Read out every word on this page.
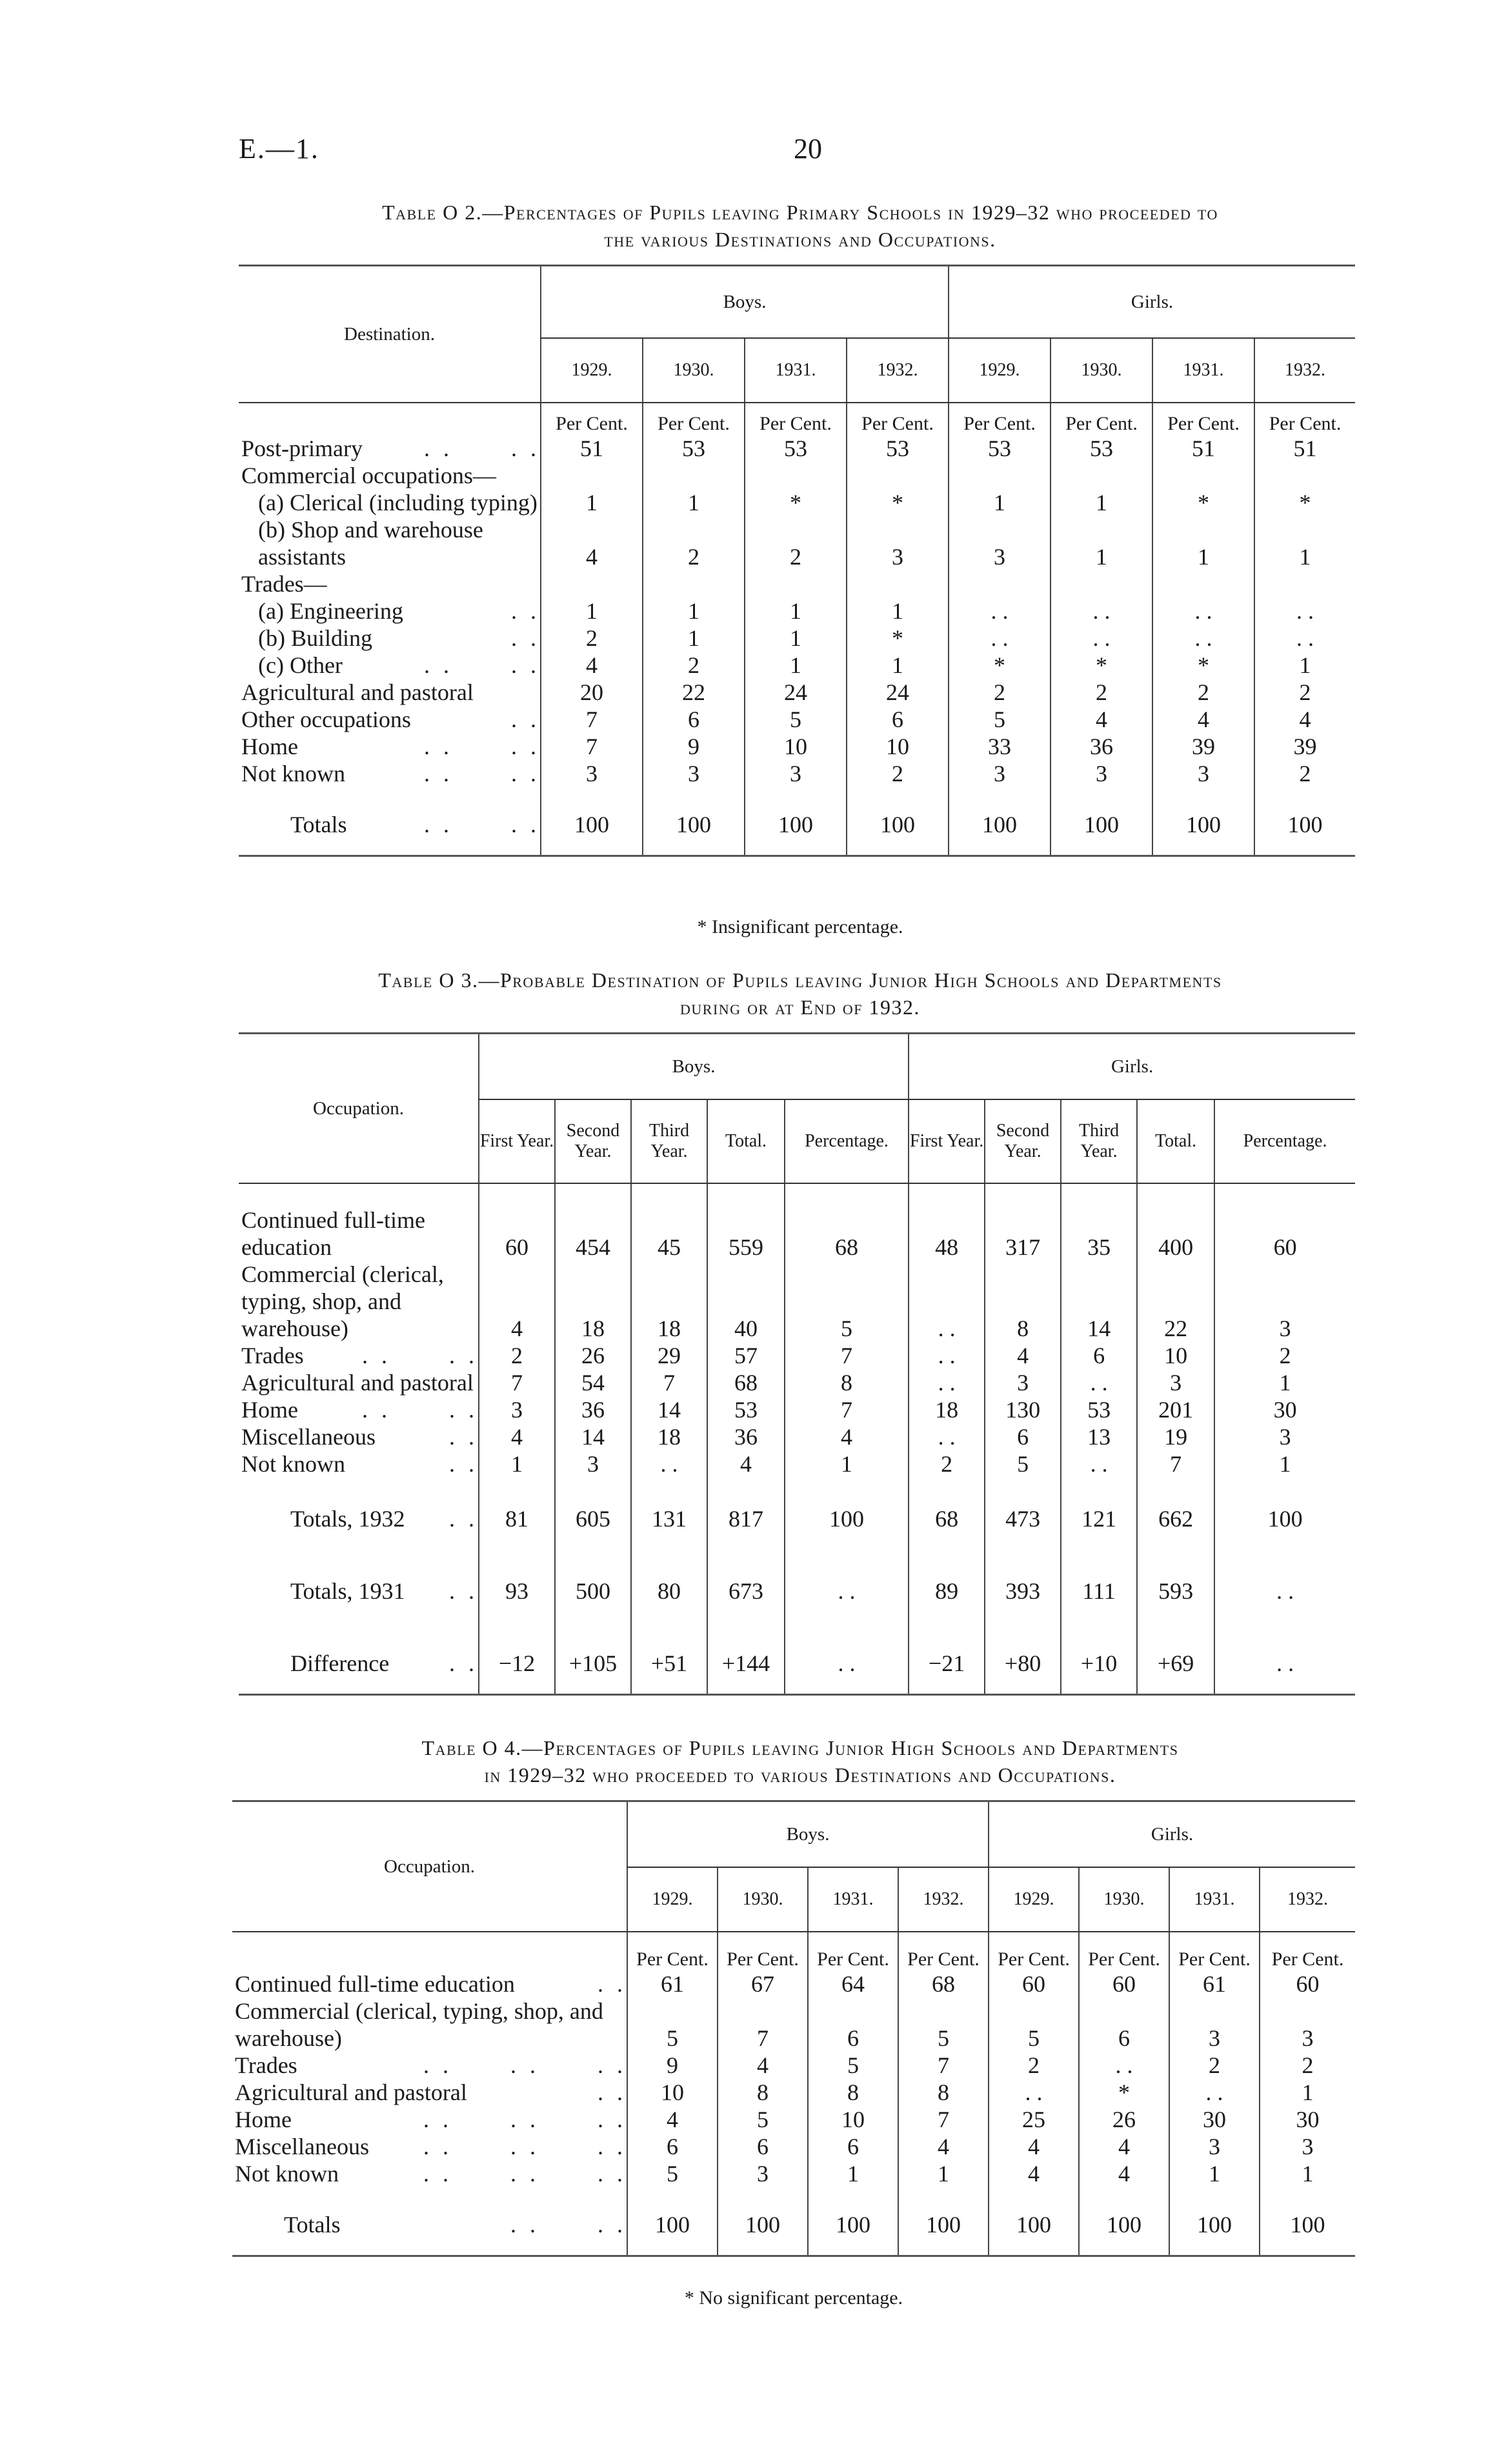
E.—1.	20
Table O 2.—Percentages of Pupils leaving Primary Schools in 1929–32 who proceeded to
the various Destinations and Occupations.
Destination.	Boys.				Girls.			
	1929.	1930.	1931.	1932.	1929.	1930.	1931.	1932.
	Per Cent.	Per Cent.	Per Cent.	Per Cent.	Per Cent.	Per Cent.	Per Cent.	Per Cent.

Post-primary . .      . .	51	53	53	53	53	53	51	51

Commercial occupations—								

(a) Clerical (including typing)	1	1	*	*	1	1	*	*

(b) Shop and warehouse assistants	4	2	2	3	3	1	1	1

Trades—								

(a) Engineering . .	1	1	1	1	. .	. .	. .	. .

(b) Building . .	2	1	1	*	. .	. .	. .	. .

(c) Other . .      . .	4	2	1	1	*	*	*	1

Agricultural and pastoral	20	22	24	24	2	2	2	2

Other occupations . .	7	6	5	6	5	4	4	4

Home . .      . .	7	9	10	10	33	36	39	39

Not known . .      . .	3	3	3	2	3	3	3	2

Totals . .      . .	100	100	100	100	100	100	100	100

* Insignificant percentage.
Table O 3.—Probable Destination of Pupils leaving Junior High Schools and Departments
during or at End of 1932.
Occupation.	Boys.					Girls.				
	First Year.	Second Year.	Third Year.	Total.	Percentage.	First Year.	Second Year.	Third Year.	Total.	Percentage.

Continued full-time education	60	454	45	559	68	48	317	35	400	60

Commercial (clerical, typing, shop, and warehouse)	4	18	18	40	5	. .	8	14	22	3

Trades . .      . .	2	26	29	57	7	. .	4	6	10	2

Agricultural and pastoral	7	54	7	68	8	. .	3	. .	3	1

Home . .      . .	3	36	14	53	7	18	130	53	201	30

Miscellaneous . .	4	14	18	36	4	. .	6	13	19	3

Not known . .	1	3	. .	4	1	2	5	. .	7	1

Totals, 1932 . .	81	605	131	817	100	68	473	121	662	100

Totals, 1931 . .	93	500	80	673	. .	89	393	111	593	. .

Difference . .	−12	+105	+51	+144	. .	−21	+80	+10	+69	. .

Table O 4.—Percentages of Pupils leaving Junior High Schools and Departments
in 1929–32 who proceeded to various Destinations and Occupations.
Occupation.	Boys.				Girls.			
	1929.	1930.	1931.	1932.	1929.	1930.	1931.	1932.
	Per Cent.	Per Cent.	Per Cent.	Per Cent.	Per Cent.	Per Cent.	Per Cent.	Per Cent.

Continued full-time education . .	61	67	64	68	60	60	61	60

Commercial (clerical, typing, shop, and warehouse)	5	7	6	5	5	6	3	3

Trades . .      . .      . .	9	4	5	7	2	. .	2	2

Agricultural and pastoral . .	10	8	8	8	. .	*	. .	1

Home . .      . .      . .	4	5	10	7	25	26	30	30

Miscellaneous . .      . .      . .	6	6	6	4	4	4	3	3

Not known . .      . .      . .	5	3	1	1	4	4	1	1

Totals . .      . .	100	100	100	100	100	100	100	100

* No significant percentage.
